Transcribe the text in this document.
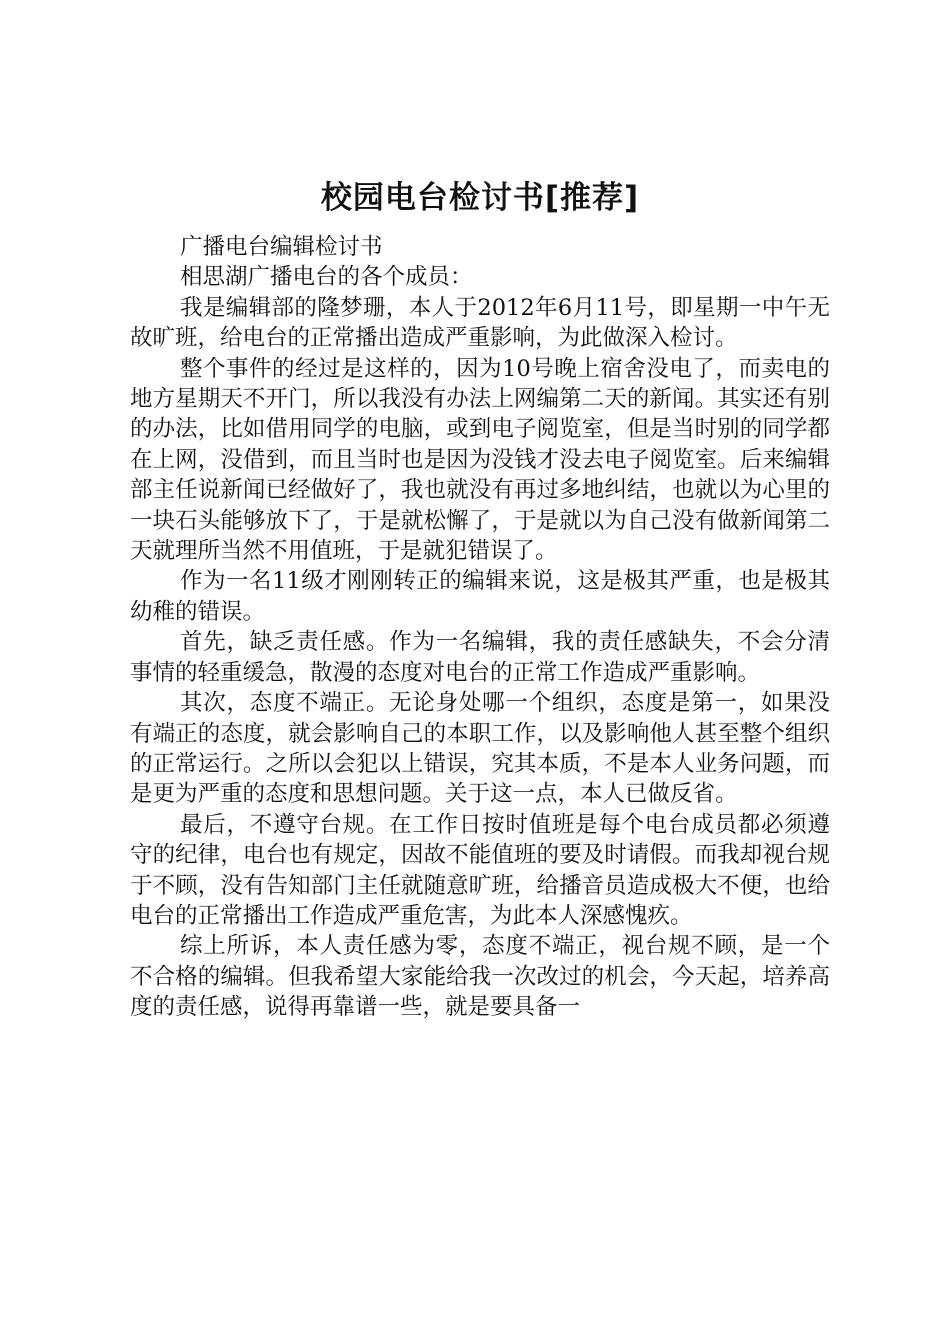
校园电台检讨书[推荐]

广播电台编辑检讨书

相思湖广播电台的各个成员：

我是编辑部的隆梦珊，本人于2012年6月11号，即星期一中午无故旷班，给电台的正常播出造成严重影响，为此做深入检讨。

整个事件的经过是这样的，因为10号晚上宿舍没电了，而卖电的地方星期天不开门，所以我没有办法上网编第二天的新闻。其实还有别的办法，比如借用同学的电脑，或到电子阅览室，但是当时别的同学都在上网，没借到，而且当时也是因为没钱才没去电子阅览室。后来编辑部主任说新闻已经做好了，我也就没有再过多地纠结，也就以为心里的一块石头能够放下了，于是就松懈了，于是就以为自己没有做新闻第二天就理所当然不用值班，于是就犯错误了。

作为一名11级才刚刚转正的编辑来说，这是极其严重，也是极其幼稚的错误。

首先，缺乏责任感。作为一名编辑，我的责任感缺失，不会分清事情的轻重缓急，散漫的态度对电台的正常工作造成严重影响。

其次，态度不端正。无论身处哪一个组织，态度是第一，如果没有端正的态度，就会影响自己的本职工作，以及影响他人甚至整个组织的正常运行。之所以会犯以上错误，究其本质，不是本人业务问题，而是更为严重的态度和思想问题。关于这一点，本人已做反省。

最后，不遵守台规。在工作日按时值班是每个电台成员都必须遵守的纪律，电台也有规定，因故不能值班的要及时请假。而我却视台规于不顾，没有告知部门主任就随意旷班，给播音员造成极大不便，也给电台的正常播出工作造成严重危害，为此本人深感愧疚。

综上所诉，本人责任感为零，态度不端正，视台规不顾，是一个不合格的编辑。但我希望大家能给我一次改过的机会，今天起，培养高度的责任感，说得再靠谱一些，就是要具备一
